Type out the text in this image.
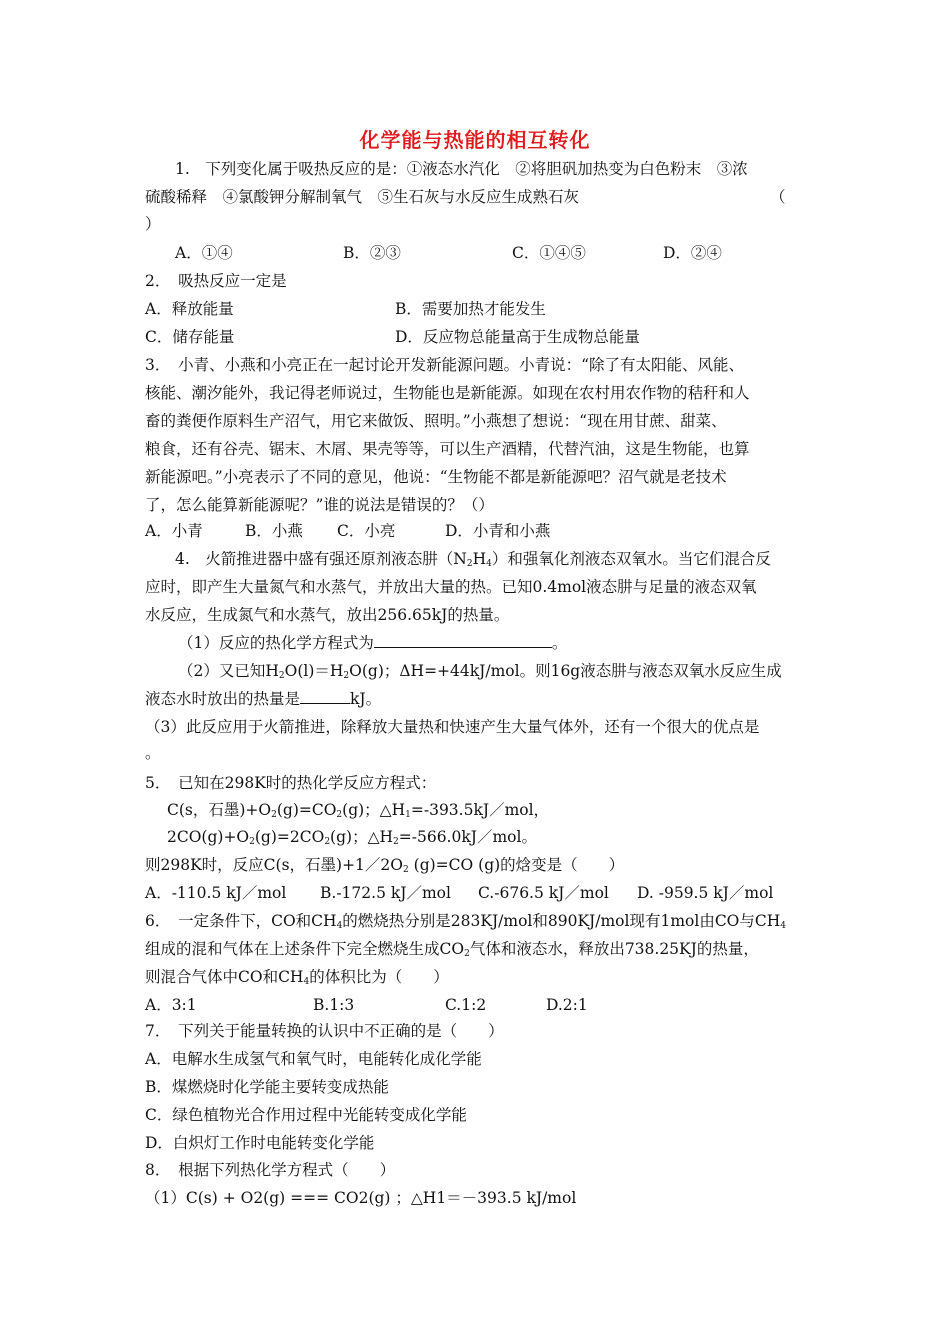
化学能与热能的相互转化
1.　下列变化属于吸热反应的是：①液态水汽化　②将胆矾加热变为白色粉末　③浓
硫酸稀释　④氯酸钾分解制氧气　⑤生石灰与水反应生成熟石灰	（
）
A．①④	B．②③	C．①④⑤	D．②④
2．　吸热反应一定是
A．释放能量	B．需要加热才能发生
C．储存能量	D．反应物总能量高于生成物总能量
3．　小青、小燕和小亮正在一起讨论开发新能源问题。小青说：“除了有太阳能、风能、
核能、潮汐能外，我记得老师说过，生物能也是新能源。如现在农村用农作物的秸秆和人
畜的粪便作原料生产沼气，用它来做饭、照明。”小燕想了想说：“现在用甘蔗、甜菜、
粮食，还有谷壳、锯末、木屑、果壳等等，可以生产酒精，代替汽油，这是生物能，也算
新能源吧。”小亮表示了不同的意见，他说：“生物能不都是新能源吧？沼气就是老技术
了，怎么能算新能源呢？”谁的说法是错误的？（）
A．小青	B．小燕 C．小亮	D．小青和小燕
4.　火箭推进器中盛有强还原剂液态肼$(N_2H_4)$和强氧化剂液态双氧水。当它们混合反
应时，即产生大量氮气和水蒸气，并放出大量的热。已知0.4mol液态肼与足量的液态双氧
水反应，生成氮气和水蒸气，放出256.65kJ的热量。
（1）反应的热化学方程式为	。
（2）又已知$H_2O(l)=H_2O(g)$；ΔH=+44kJ/mol。则16g液态肼与液态双氧水反应生成
液态水时放出的热量是	kJ。
（3）此反应用于火箭推进，除释放大量热和快速产生大量气体外，还有一个很大的优点是
。
5．　已知在298K时的热化学反应方程式：
C(s，石墨)$+O_2(g)=CO_2(g)$；$\triangle H_1=-393.5kJ/mol$，
$2CO(g)+O_2(g)=2CO_2(g)$；$\triangle H_2=-566.0kJ/mol$。
则298K时，反应C(s，石墨)$+1/2O_2$ (g)=CO (g)的焓变是（　　）
A．-110.5 kJ／mol B.-172.5 kJ／mol C.-676.5 kJ／mol D. -959.5 kJ／mol
6．　一定条件下，CO和$CH_4$的燃烧热分别是283KJ/mol和890KJ/mol现有1mol由CO与$CH_4$
组成的混和气体在上述条件下完全燃烧生成$CO_2$气体和液态水，释放出738.25KJ的热量，
则混合气体中CO和$CH_4$的体积比为（　　）
A．3:1	B.1:3	C.1:2	D.2:1
7．　下列关于能量转换的认识中不正确的是（　　）
A．电解水生成氢气和氧气时，电能转化成化学能
B．煤燃烧时化学能主要转变成热能
C．绿色植物光合作用过程中光能转变成化学能
D．白炽灯工作时电能转变化学能
8．　根据下列热化学方程式（　　）
（1）C(s) + O2(g) === CO2(g) ；△H1＝－393.5 kJ/mol
